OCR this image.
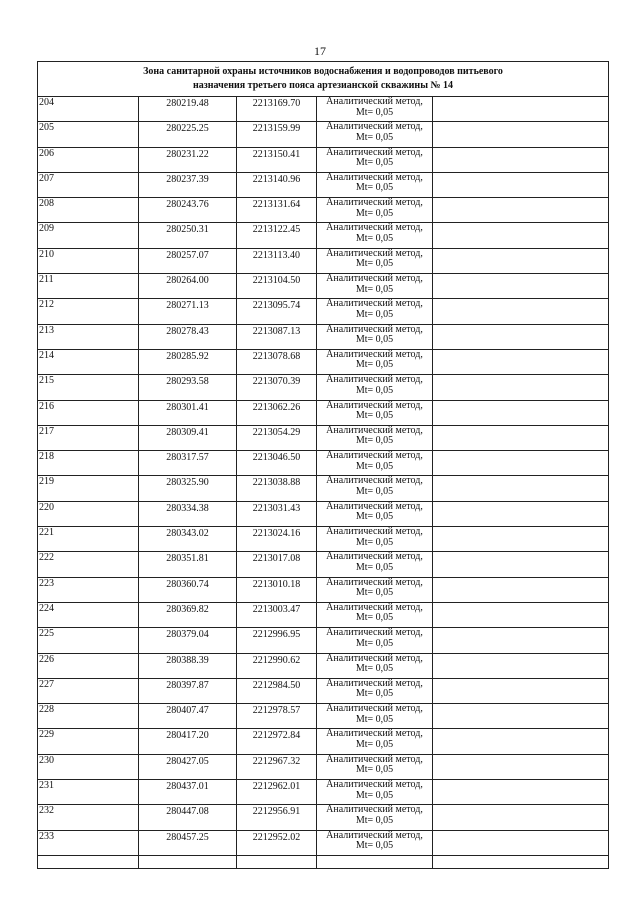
17
Зона санитарной охраны источников водоснабжения и водопроводов питьевого
назначения третьего пояса артезианской скважины № 14				

204	280219.48	2213169.70	Аналитический метод,
Mt= 0,05	

205	280225.25	2213159.99	Аналитический метод,
Mt= 0,05	

206	280231.22	2213150.41	Аналитический метод,
Mt= 0,05	

207	280237.39	2213140.96	Аналитический метод,
Mt= 0,05	

208	280243.76	2213131.64	Аналитический метод,
Mt= 0,05	

209	280250.31	2213122.45	Аналитический метод,
Mt= 0,05	

210	280257.07	2213113.40	Аналитический метод,
Mt= 0,05	

211	280264.00	2213104.50	Аналитический метод,
Mt= 0,05	

212	280271.13	2213095.74	Аналитический метод,
Mt= 0,05	

213	280278.43	2213087.13	Аналитический метод,
Mt= 0,05	

214	280285.92	2213078.68	Аналитический метод,
Mt= 0,05	

215	280293.58	2213070.39	Аналитический метод,
Mt= 0,05	

216	280301.41	2213062.26	Аналитический метод,
Mt= 0,05	

217	280309.41	2213054.29	Аналитический метод,
Mt= 0,05	

218	280317.57	2213046.50	Аналитический метод,
Mt= 0,05	

219	280325.90	2213038.88	Аналитический метод,
Mt= 0,05	

220	280334.38	2213031.43	Аналитический метод,
Mt= 0,05	

221	280343.02	2213024.16	Аналитический метод,
Mt= 0,05	

222	280351.81	2213017.08	Аналитический метод,
Mt= 0,05	

223	280360.74	2213010.18	Аналитический метод,
Mt= 0,05	

224	280369.82	2213003.47	Аналитический метод,
Mt= 0,05	

225	280379.04	2212996.95	Аналитический метод,
Mt= 0,05	

226	280388.39	2212990.62	Аналитический метод,
Mt= 0,05	

227	280397.87	2212984.50	Аналитический метод,
Mt= 0,05	

228	280407.47	2212978.57	Аналитический метод,
Mt= 0,05	

229	280417.20	2212972.84	Аналитический метод,
Mt= 0,05	

230	280427.05	2212967.32	Аналитический метод,
Mt= 0,05	

231	280437.01	2212962.01	Аналитический метод,
Mt= 0,05	

232	280447.08	2212956.91	Аналитический метод,
Mt= 0,05	

233	280457.25	2212952.02	Аналитический метод,
Mt= 0,05	
